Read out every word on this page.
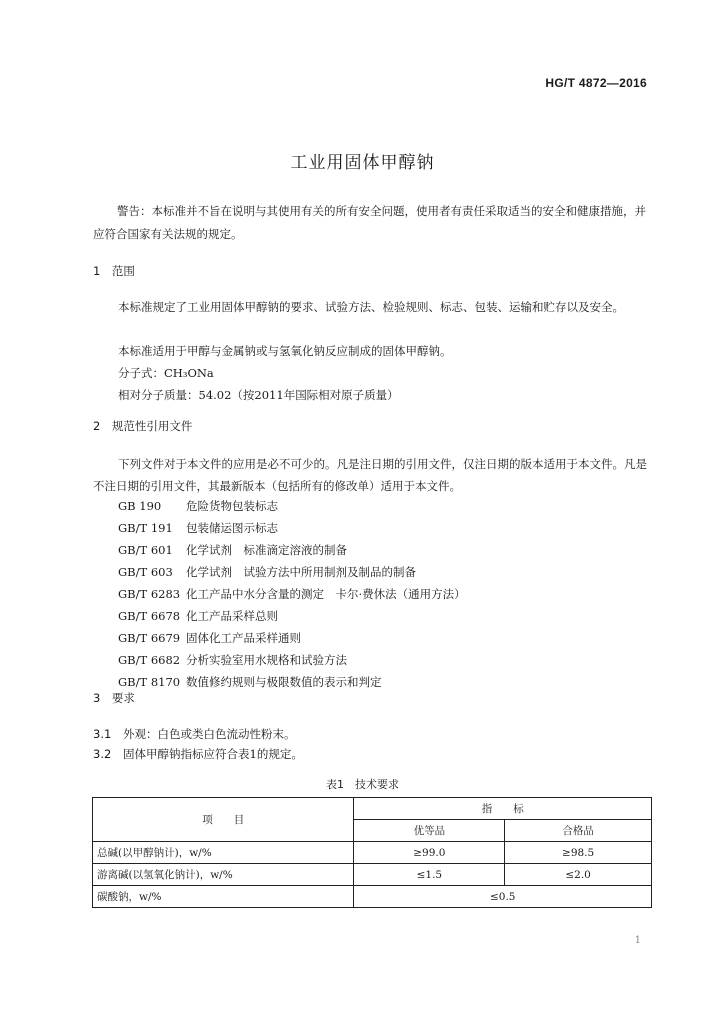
HG/T 4872—2016
工业用固体甲醇钠
警告：本标准并不旨在说明与其使用有关的所有安全问题，使用者有责任采取适当的安全和健康措施，并应符合国家有关法规的规定。
1　范围
本标准规定了工业用固体甲醇钠的要求、试验方法、检验规则、标志、包装、运输和贮存以及安全。
本标准适用于甲醇与金属钠或与氢氧化钠反应制成的固体甲醇钠。
分子式：CH₃ONa
相对分子质量：54.02（按2011年国际相对原子质量）
2　规范性引用文件
下列文件对于本文件的应用是必不可少的。凡是注日期的引用文件，仅注日期的版本适用于本文件。凡是不注日期的引用文件，其最新版本（包括所有的修改单）适用于本文件。
GB 190 危险货物包装标志
GB/T 191 包装储运图示标志
GB/T 601 化学试剂　标准滴定溶液的制备
GB/T 603 化学试剂　试验方法中所用制剂及制品的制备
GB/T 6283 化工产品中水分含量的测定　卡尔·费休法（通用方法）
GB/T 6678 化工产品采样总则
GB/T 6679 固体化工产品采样通则
GB/T 6682 分析实验室用水规格和试验方法
GB/T 8170 数值修约规则与极限数值的表示和判定
3　要求
3.1 外观：白色或类白色流动性粉末。
3.2 固体甲醇钠指标应符合表1的规定。
表1　技术要求
项　　目	指　　标	
	优等品	合格品
总碱(以甲醇钠计)，w/%	≥99.0	≥98.5
游离碱(以氢氧化钠计)，w/%	≤1.5	≤2.0
碳酸钠，w/%	≤0.5	
1
